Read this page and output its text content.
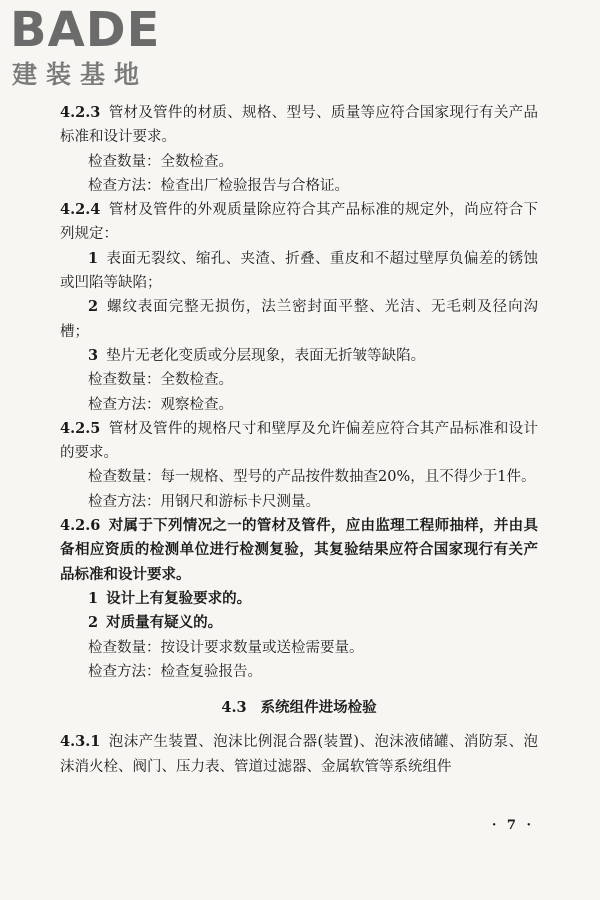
BADE
建装基地
4.2.3 管材及管件的材质、规格、型号、质量等应符合国家现行有关产品标准和设计要求。
检查数量：全数检查。
检查方法：检查出厂检验报告与合格证。
4.2.4 管材及管件的外观质量除应符合其产品标准的规定外，尚应符合下列规定：
1 表面无裂纹、缩孔、夹渣、折叠、重皮和不超过壁厚负偏差的锈蚀或凹陷等缺陷；
2 螺纹表面完整无损伤，法兰密封面平整、光洁、无毛刺及径向沟槽；
3 垫片无老化变质或分层现象，表面无折皱等缺陷。
检查数量：全数检查。
检查方法：观察检查。
4.2.5 管材及管件的规格尺寸和壁厚及允许偏差应符合其产品标准和设计的要求。
检查数量：每一规格、型号的产品按件数抽查20%，且不得少于1件。
检查方法：用钢尺和游标卡尺测量。
4.2.6 对属于下列情况之一的管材及管件，应由监理工程师抽样，并由具备相应资质的检测单位进行检测复验，其复验结果应符合国家现行有关产品标准和设计要求。
1 设计上有复验要求的。
2 对质量有疑义的。
检查数量：按设计要求数量或送检需要量。
检查方法：检查复验报告。
4.3 系统组件进场检验
4.3.1 泡沫产生装置、泡沫比例混合器(装置)、泡沫液储罐、消防泵、泡沫消火栓、阀门、压力表、管道过滤器、金属软管等系统组件
· 7 ·
